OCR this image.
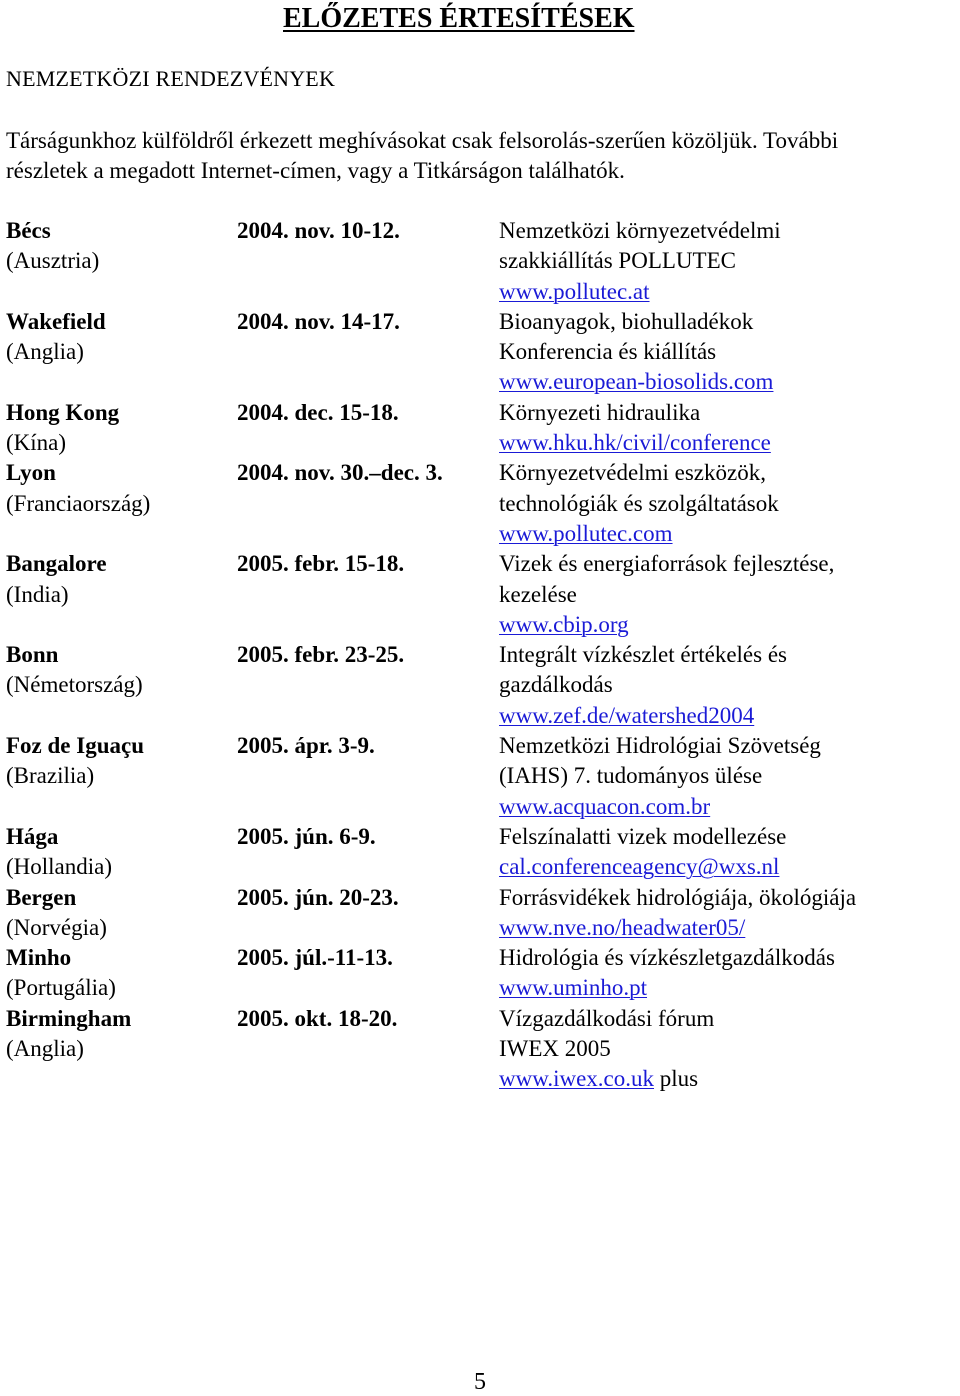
ELŐZETES ÉRTESÍTÉSEK
NEMZETKÖZI RENDEZVÉNYEK
Társágunkhoz külföldről érkezett meghívásokat csak felsorolás-szerűen közöljük. További
részletek a megadott Internet-címen, vagy a Titkárságon találhatók.
Bécs
(Ausztria)
2004. nov. 10-12.	Nemzetközi környezetvédelmi
szakkiállítás POLLUTEC
www.pollutec.at
Wakefield
(Anglia)
2004. nov. 14-17.	Bioanyagok, biohulladékok
Konferencia és kiállítás
www.european-biosolids.com
Hong Kong
(Kína)
2004. dec. 15-18.	Környezeti hidraulika
www.hku.hk/civil/conference
Lyon
(Franciaország)
2004. nov. 30.–dec. 3. Környezetvédelmi eszközök,
technológiák és szolgáltatások
www.pollutec.com
Bangalore
(India)
2005. febr. 15-18.	Vizek és energiaforrások fejlesztése,
kezelése
www.cbip.org
Bonn
(Németország)
2005. febr. 23-25.	Integrált vízkészlet értékelés és
gazdálkodás
www.zef.de/watershed2004
Foz de Iguaçu
(Brazilia)
2005. ápr. 3-9.	Nemzetközi Hidrológiai Szövetség
(IAHS) 7. tudományos ülése
www.acquacon.com.br
Hága
(Hollandia)
2005. jún. 6-9.	Felszínalatti vizek modellezése
cal.conferenceagency@wxs.nl
Bergen
(Norvégia)
2005. jún. 20-23.	Forrásvidékek hidrológiája, ökológiája
www.nve.no/headwater05/
Minho
(Portugália)
2005. júl.-11-13.	Hidrológia és vízkészletgazdálkodás
www.uminho.pt
Birmingham
(Anglia)
2005. okt. 18-20.	Vízgazdálkodási fórum
IWEX 2005
www.iwex.co.uk plus
5
